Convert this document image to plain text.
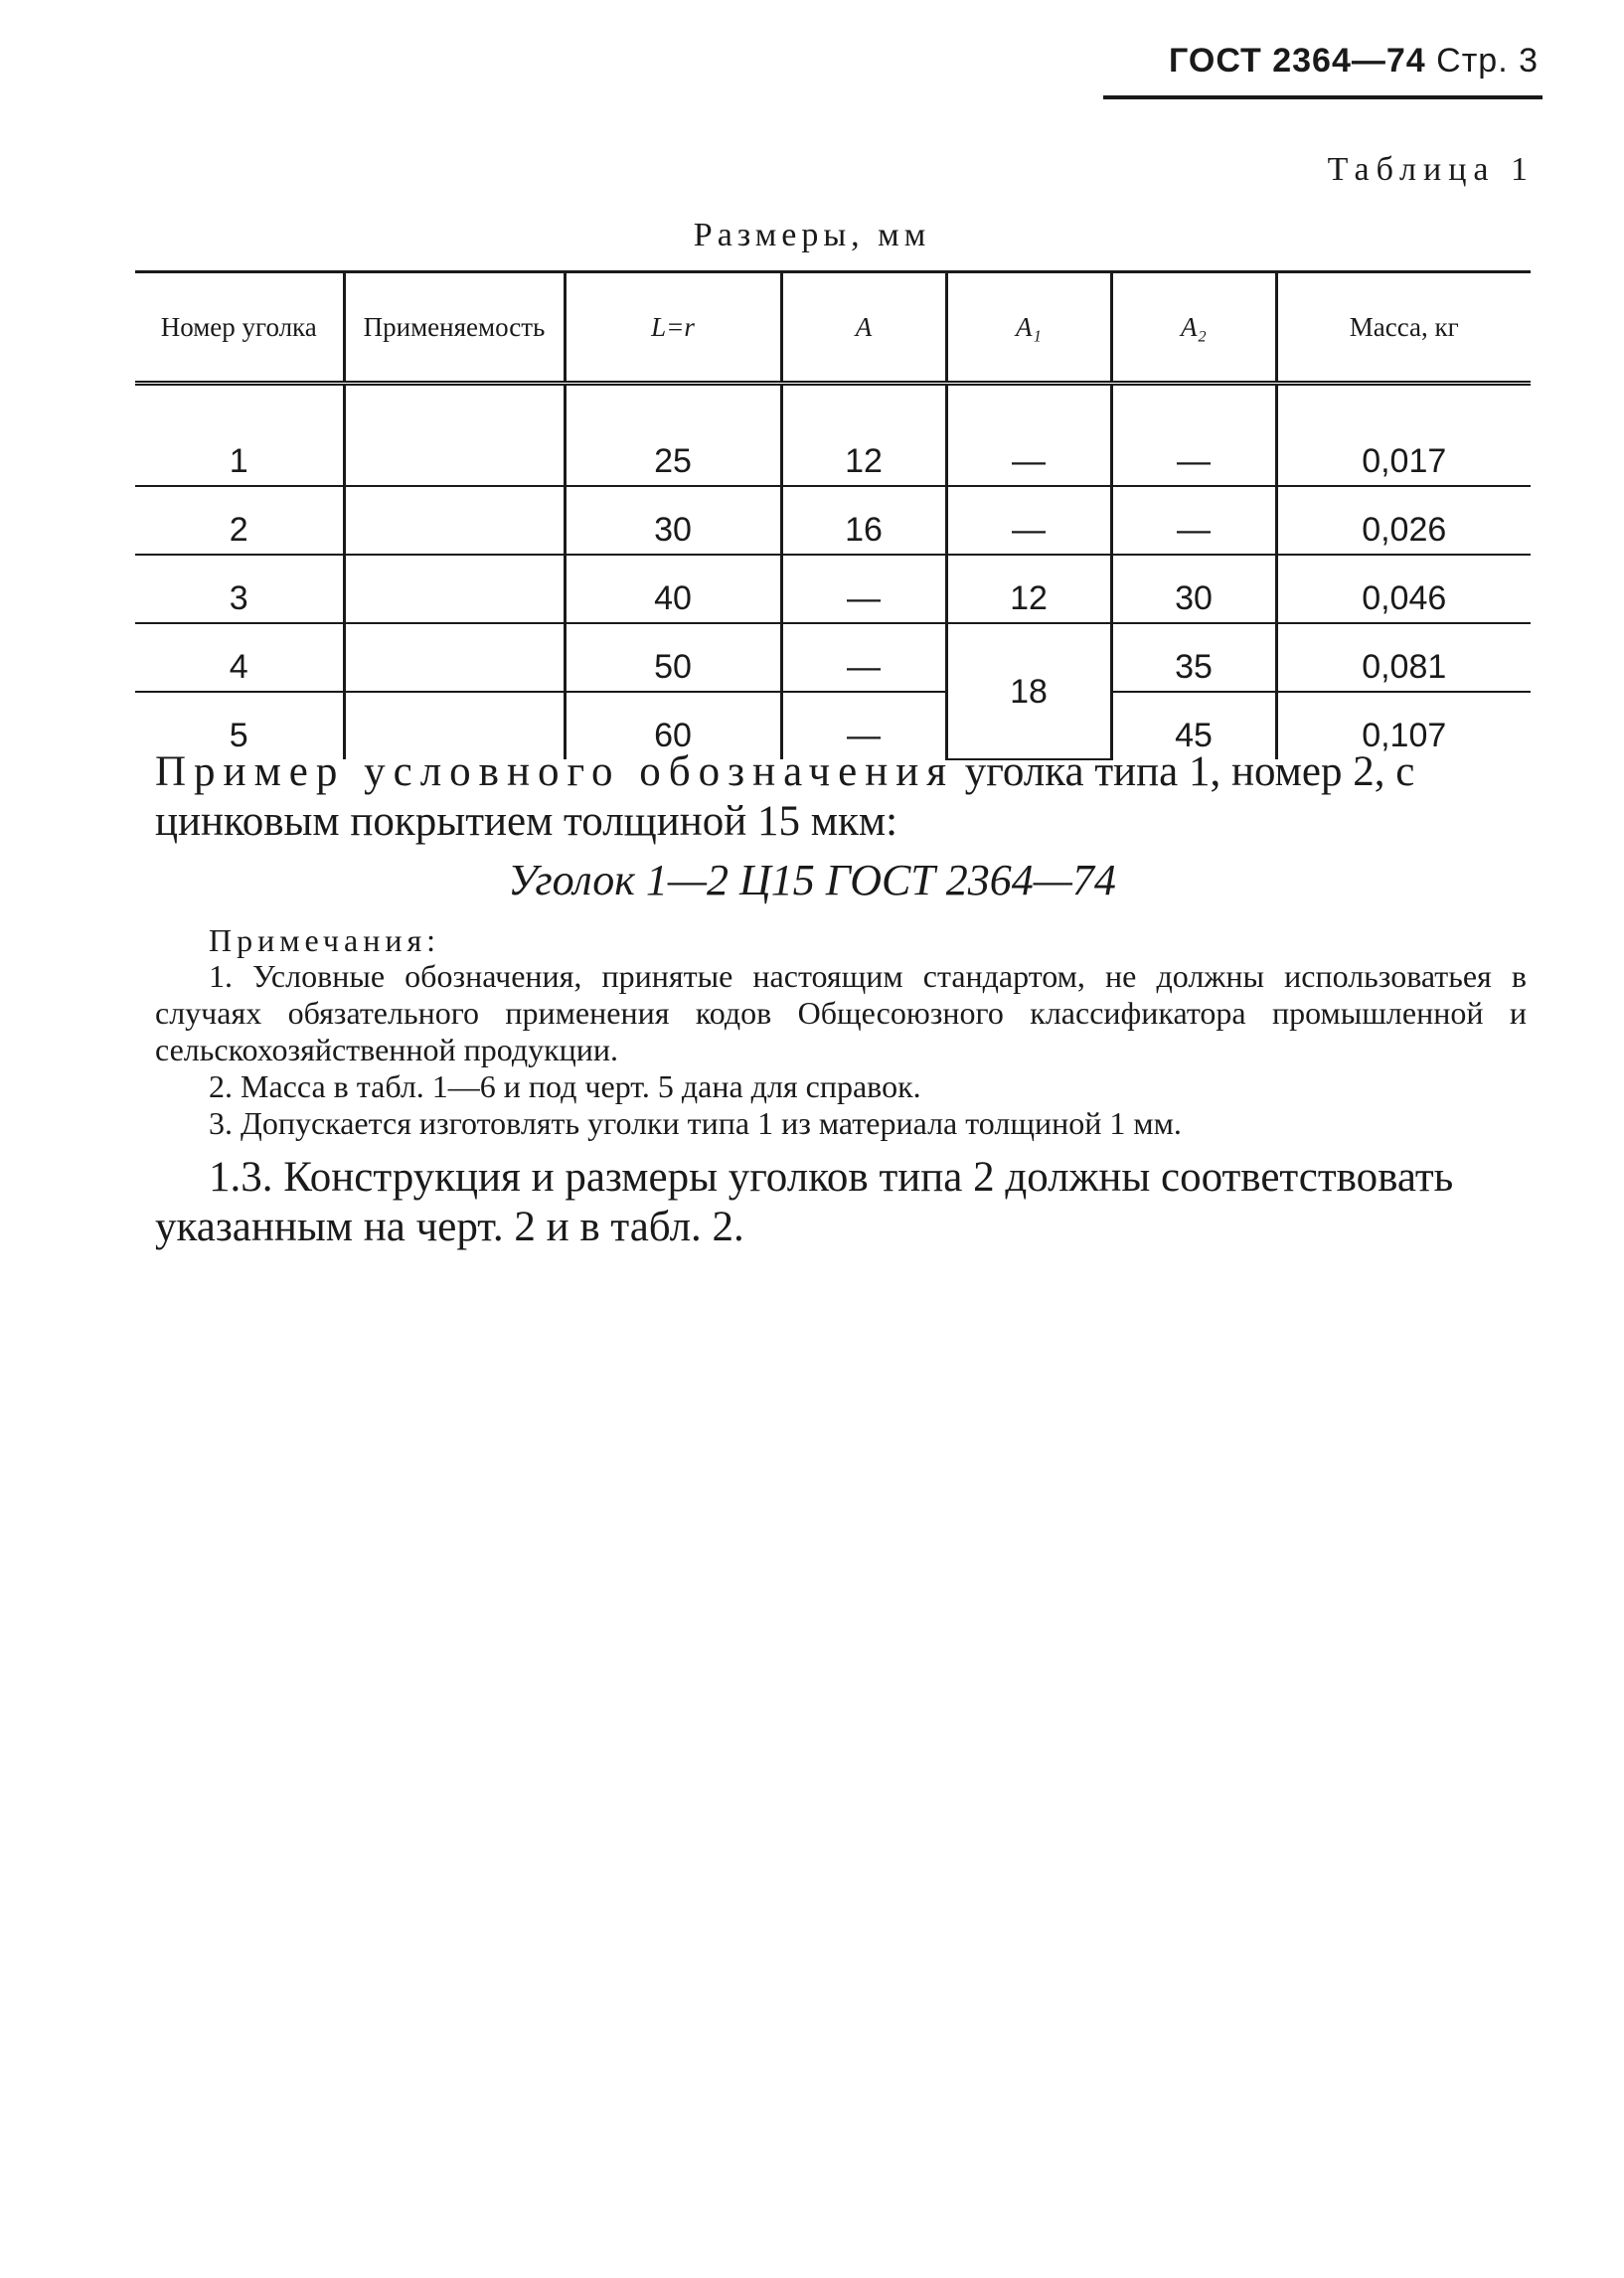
ГОСТ 2364—74 Стр. 3
Таблица 1
Размеры, мм
Номер уголка	Применяемость	L=r	A	A₁	A₂	Масса, кг
1		25	12	—	—	0,017
2		30	16	—	—	0,026
3		40	—	12	30	0,046
4		50	—	18	35	0,081
5		60	—		45	0,107
Пример условного обозначения уголка типа 1, номер 2, с цинковым покрытием толщиной 15 мкм:
Уголок 1—2 Ц15 ГОСТ 2364—74
Примечания:

1. Условные обозначения, принятые настоящим стандартом, не должны использоватьея в случаях обязательного применения кодов Общесоюзного классификатора промышленной и сельскохозяйственной продукции.

2. Масса в табл. 1—6 и под черт. 5 дана для справок.

3. Допускается изготовлять уголки типа 1 из материала толщиной 1 мм.

1.3. Конструкция и размеры уголков типа 2 должны соответствовать указанным на черт. 2 и в табл. 2.
